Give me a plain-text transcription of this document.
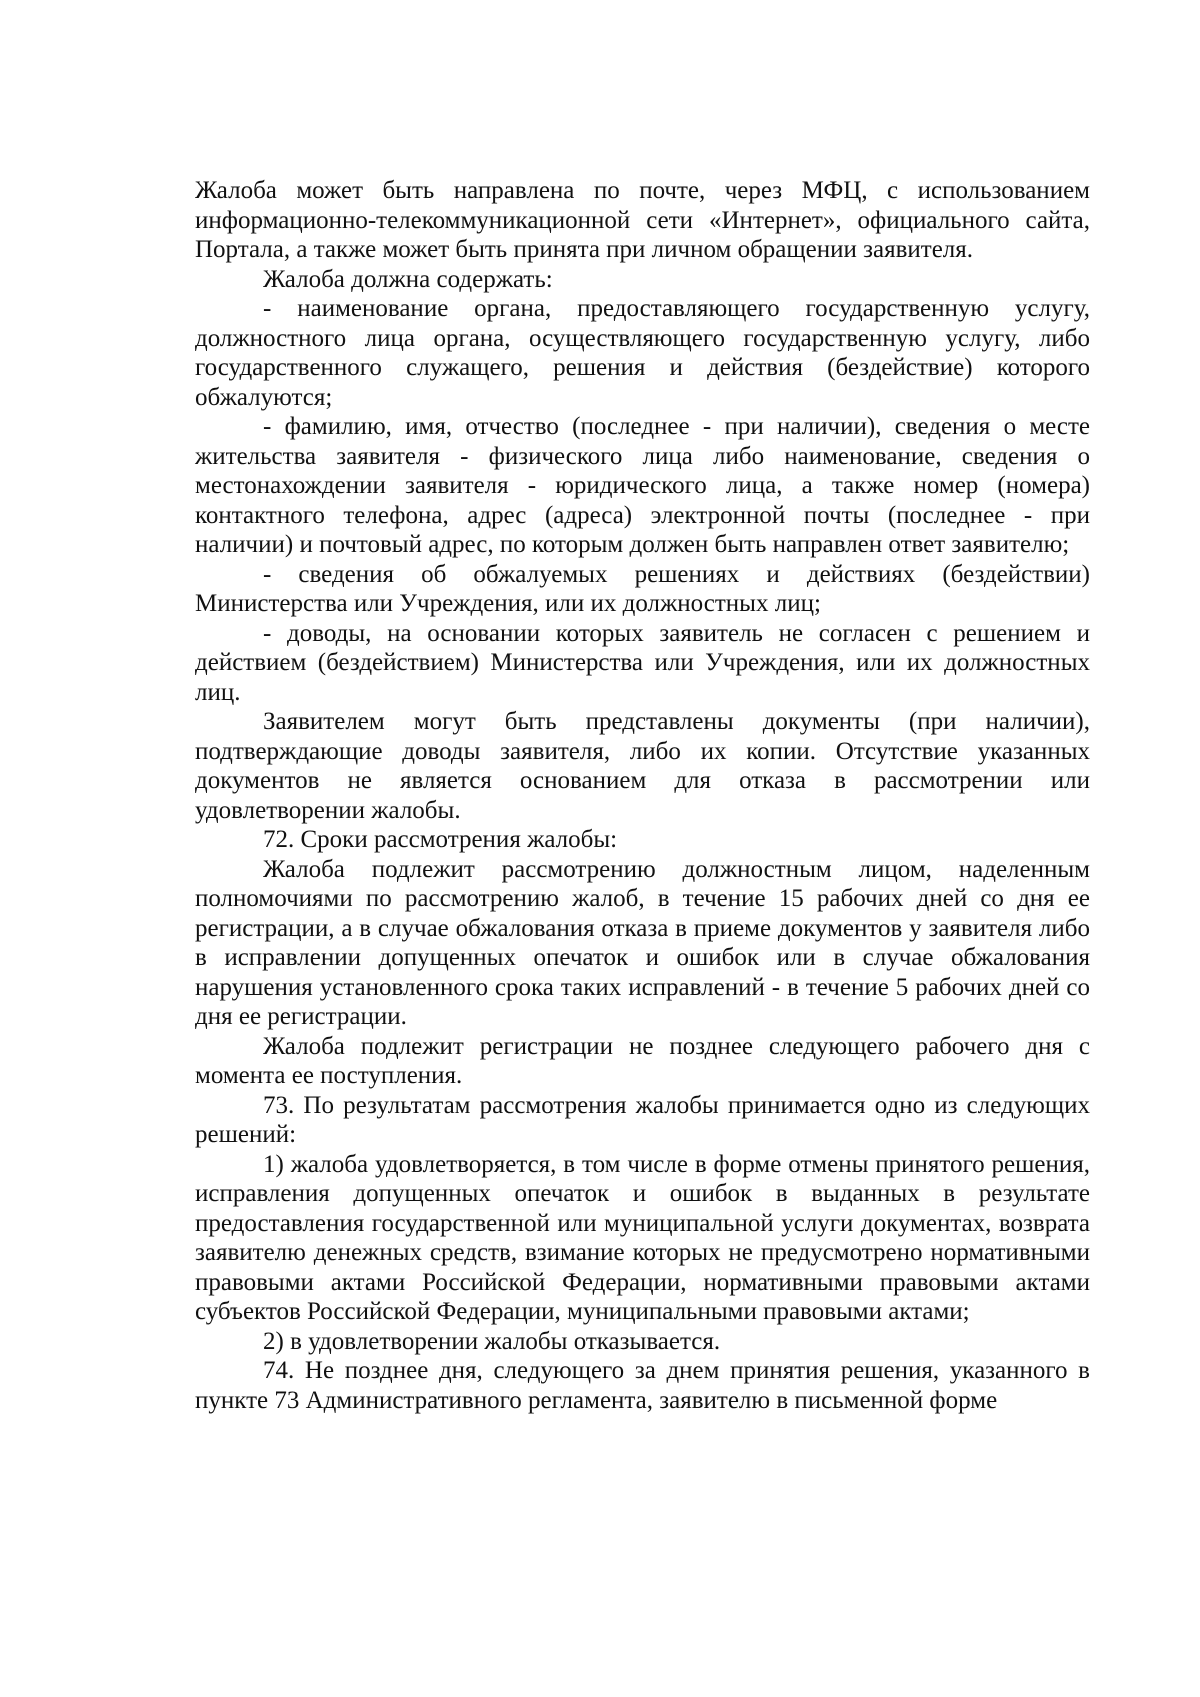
Жалоба может быть направлена по почте, через МФЦ, с использованием информационно-телекоммуникационной сети «Интернет», официального сайта, Портала, а также может быть принята при личном обращении заявителя.

Жалоба должна содержать:

- наименование органа, предоставляющего государственную услугу, должностного лица органа, осуществляющего государственную услугу, либо государственного служащего, решения и действия (бездействие) которого обжалуются;

- фамилию, имя, отчество (последнее - при наличии), сведения о месте жительства заявителя - физического лица либо наименование, сведения о местонахождении заявителя - юридического лица, а также номер (номера) контактного телефона, адрес (адреса) электронной почты (последнее - при наличии) и почтовый адрес, по которым должен быть направлен ответ заявителю;

- сведения об обжалуемых решениях и действиях (бездействии) Министерства или Учреждения, или их должностных лиц;

- доводы, на основании которых заявитель не согласен с решением и действием (бездействием) Министерства или Учреждения, или их должностных лиц.

Заявителем могут быть представлены документы (при наличии), подтверждающие доводы заявителя, либо их копии. Отсутствие указанных документов не является основанием для отказа в рассмотрении или удовлетворении жалобы.

72. Сроки рассмотрения жалобы:

Жалоба подлежит рассмотрению должностным лицом, наделенным полномочиями по рассмотрению жалоб, в течение 15 рабочих дней со дня ее регистрации, а в случае обжалования отказа в приеме документов у заявителя либо в исправлении допущенных опечаток и ошибок или в случае обжалования нарушения установленного срока таких исправлений - в течение 5 рабочих дней со дня ее регистрации.

Жалоба подлежит регистрации не позднее следующего рабочего дня с момента ее поступления.

73. По результатам рассмотрения жалобы принимается одно из следующих решений:

1) жалоба удовлетворяется, в том числе в форме отмены принятого решения, исправления допущенных опечаток и ошибок в выданных в результате предоставления государственной или муниципальной услуги документах, возврата заявителю денежных средств, взимание которых не предусмотрено нормативными правовыми актами Российской Федерации, нормативными правовыми актами субъектов Российской Федерации, муниципальными правовыми актами;

2) в удовлетворении жалобы отказывается.

74. Не позднее дня, следующего за днем принятия решения, указанного в пункте 73 Административного регламента, заявителю в письменной форме
